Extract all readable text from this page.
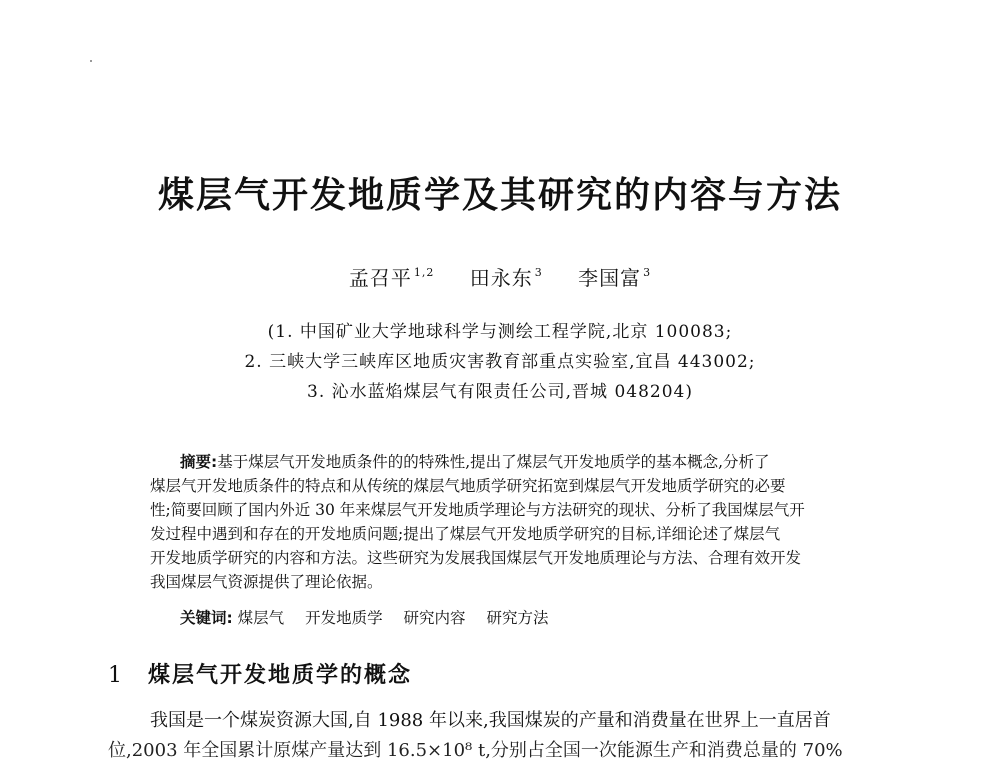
煤层气开发地质学及其研究的内容与方法
孟召平 $^{1,2}$ 田永东 $^3$ 李国富 $^3$
(1. 中国矿业大学地球科学与测绘工程学院,北京 100083;
2. 三峡大学三峡库区地质灾害教育部重点实验室,宜昌 443002;
3. 沁水蓝焰煤层气有限责任公司,晋城 048204)
摘要:基于煤层气开发地质条件的的特殊性,提出了煤层气开发地质学的基本概念,分析了
煤层气开发地质条件的特点和从传统的煤层气地质学研究拓宽到煤层气开发地质学研究的必要
性;简要回顾了国内外近 30 年来煤层气开发地质学理论与方法研究的现状、分析了我国煤层气开
发过程中遇到和存在的开发地质问题;提出了煤层气开发地质学研究的目标,详细论述了煤层气
开发地质学研究的内容和方法。这些研究为发展我国煤层气开发地质理论与方法、合理有效开发
我国煤层气资源提供了理论依据。
关键词: 煤层气 开发地质学 研究内容 研究方法
1 煤层气开发地质学的概念
我国是一个煤炭资源大国,自 1988 年以来,我国煤炭的产量和消费量在世界上一直居首
位,2003 年全国累计原煤产量达到 16.5×10⁸ t,分别占全国一次能源生产和消费总量的 70%
